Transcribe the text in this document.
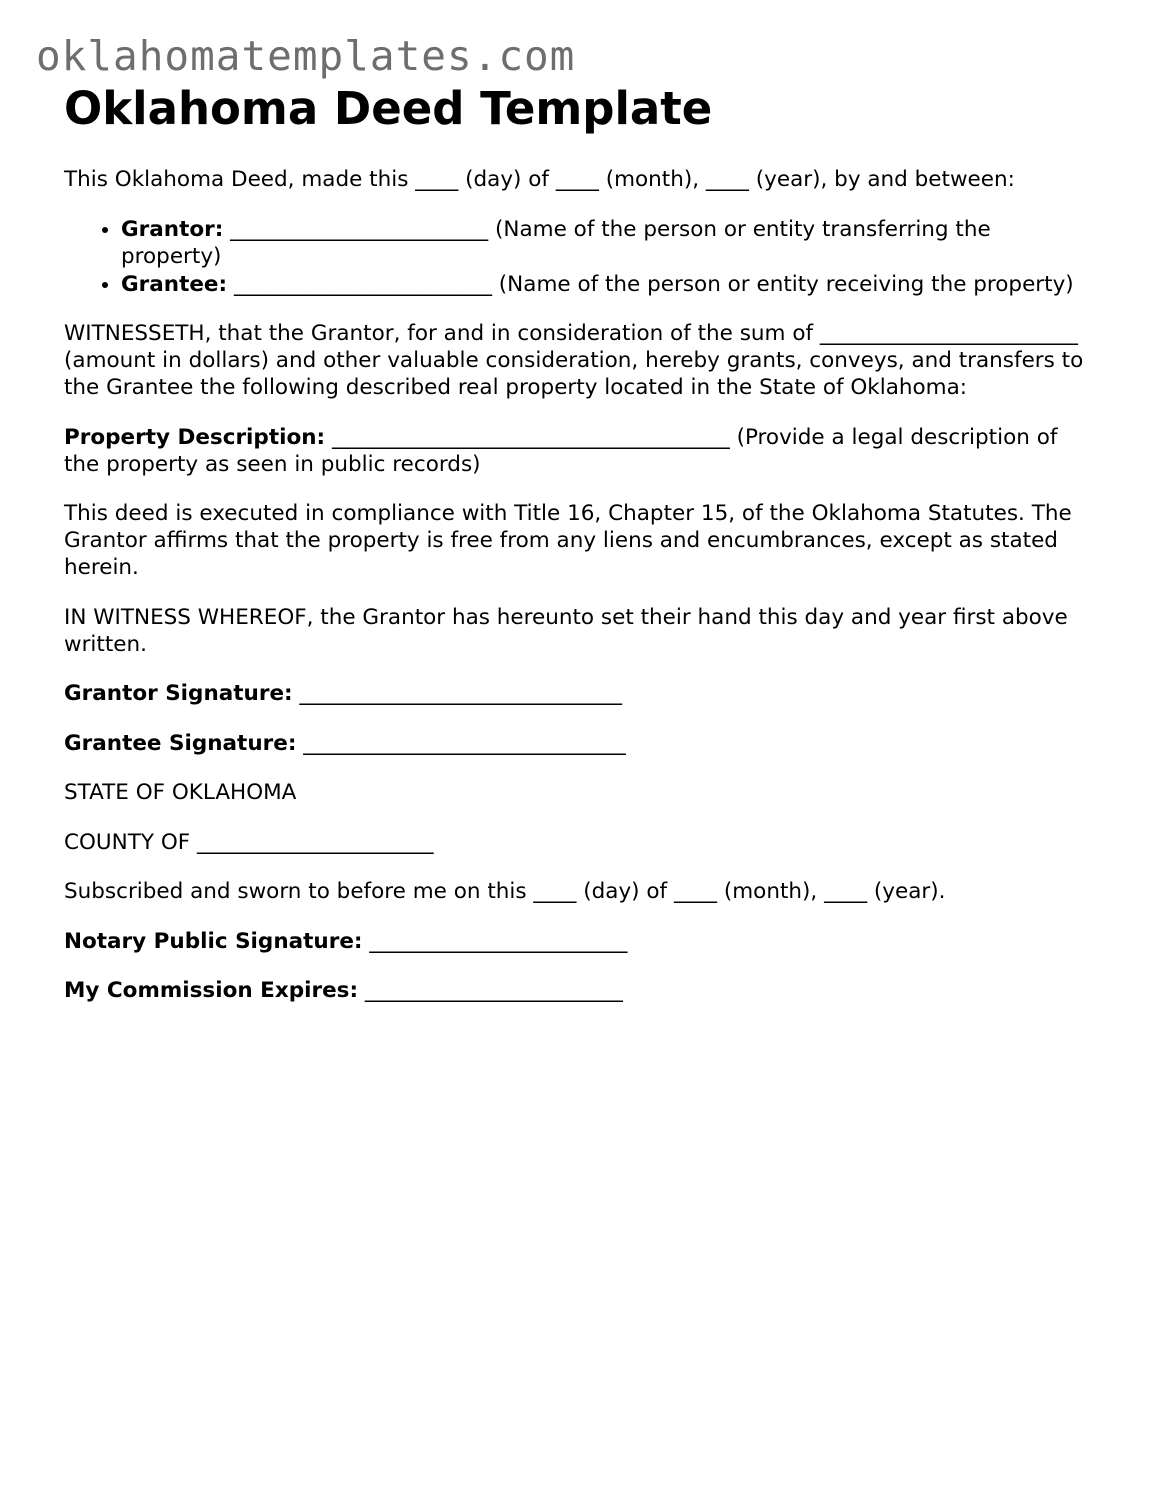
oklahomatemplates.com
Oklahoma Deed Template

This Oklahoma Deed, made this ____ (day) of ____ (month), ____ (year), by and between:

• Grantor: ________________________ (Name of the person or entity transferring the property)
• Grantee: ________________________ (Name of the person or entity receiving the property)

WITNESSETH, that the Grantor, for and in consideration of the sum of ________________________ (amount in dollars) and other valuable consideration, hereby grants, conveys, and transfers to the Grantee the following described real property located in the State of Oklahoma:

Property Description: _____________________________________ (Provide a legal description of the property as seen in public records)

This deed is executed in compliance with Title 16, Chapter 15, of the Oklahoma Statutes. The Grantor affirms that the property is free from any liens and encumbrances, except as stated herein.

IN WITNESS WHEREOF, the Grantor has hereunto set their hand this day and year first above written.

Grantor Signature: ______________________________

Grantee Signature: ______________________________

STATE OF OKLAHOMA

COUNTY OF ______________________

Subscribed and sworn to before me on this ____ (day) of ____ (month), ____ (year).

Notary Public Signature: ________________________

My Commission Expires: ________________________
